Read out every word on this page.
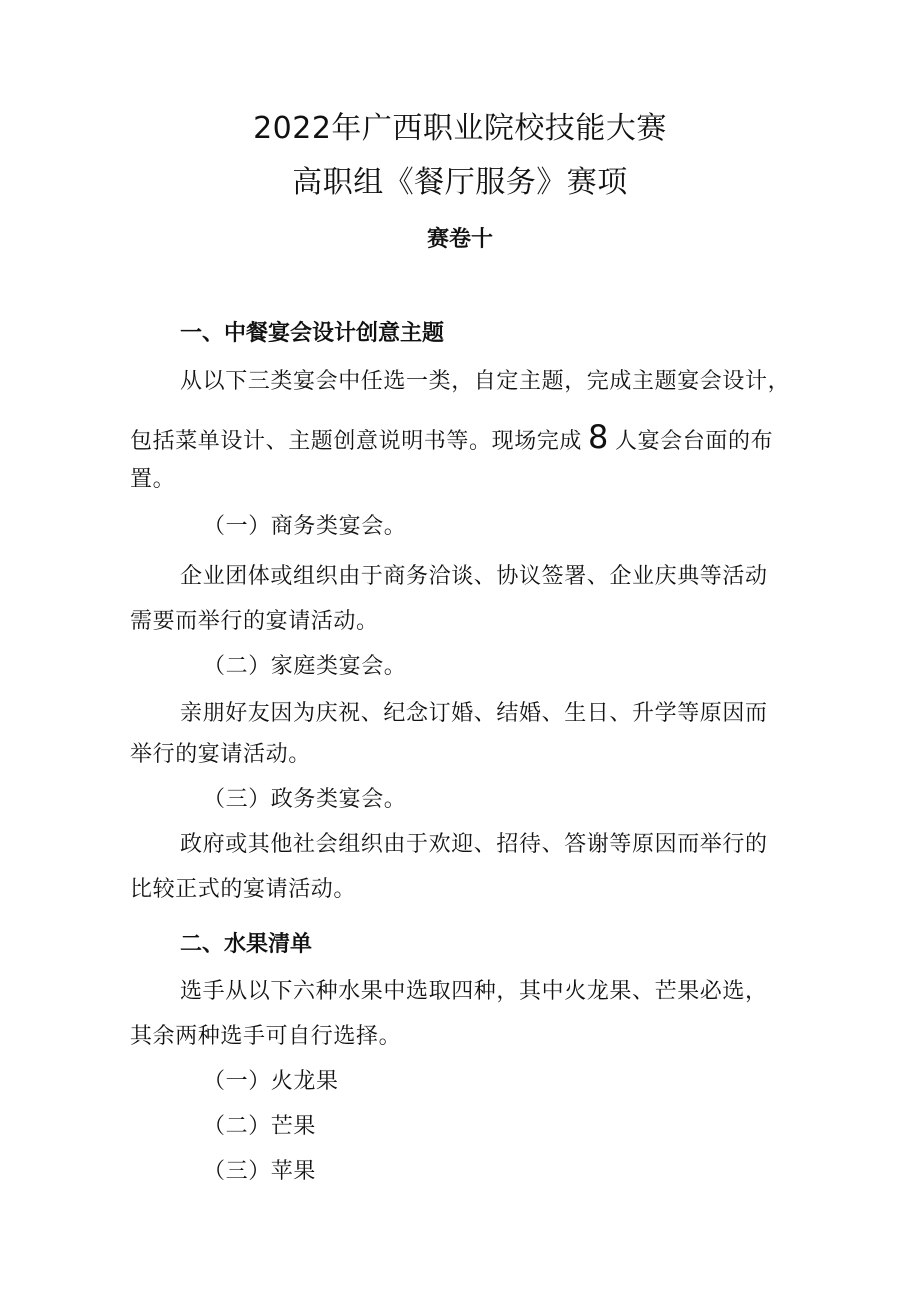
2022年广西职业院校技能大赛
高职组《餐厅服务》赛项
赛卷十
一、中餐宴会设计创意主题
从以下三类宴会中任选一类，自定主题，完成主题宴会设计，
包括菜单设计、主题创意说明书等。现场完成 8 人宴会台面的布
置。
（一）商务类宴会。
企业团体或组织由于商务洽谈、协议签署、企业庆典等活动
需要而举行的宴请活动。
（二）家庭类宴会。
亲朋好友因为庆祝、纪念订婚、结婚、生日、升学等原因而
举行的宴请活动。
（三）政务类宴会。
政府或其他社会组织由于欢迎、招待、答谢等原因而举行的
比较正式的宴请活动。
二、水果清单
选手从以下六种水果中选取四种，其中火龙果、芒果必选，
其余两种选手可自行选择。
（一）火龙果
（二）芒果
（三）苹果
